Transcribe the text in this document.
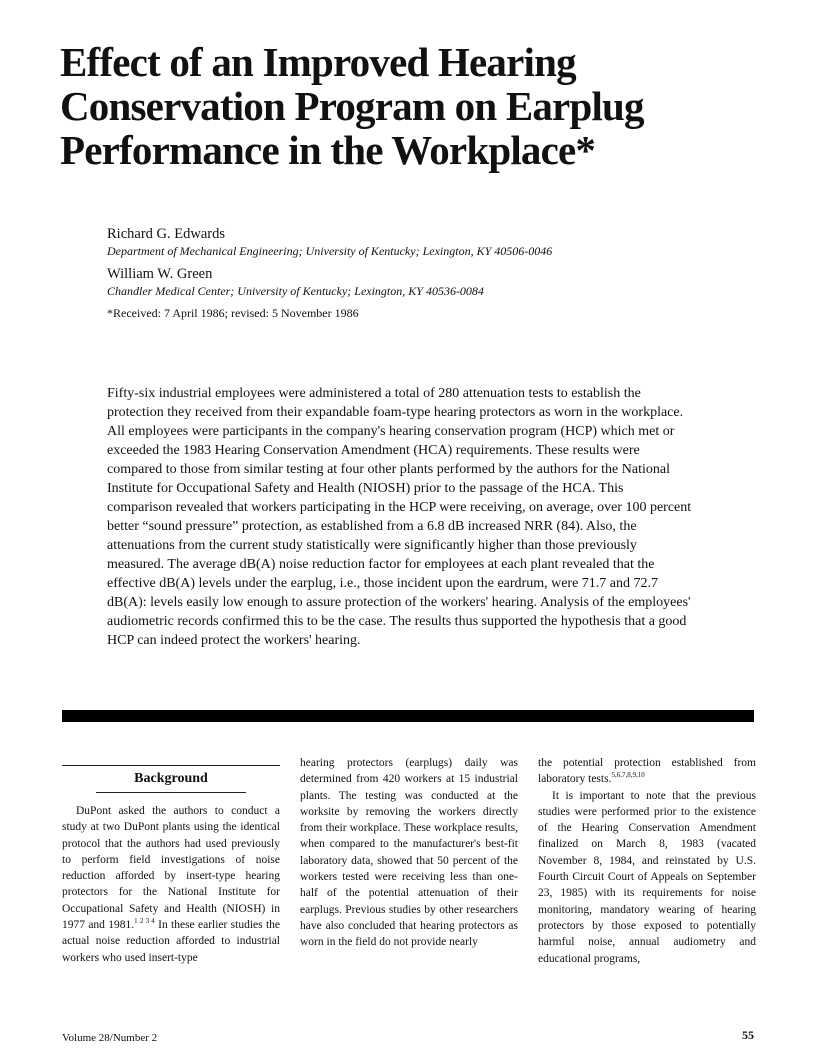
Effect of an Improved Hearing Conservation Program on Earplug Performance in the Workplace*
Richard G. Edwards
Department of Mechanical Engineering; University of Kentucky; Lexington, KY 40506-0046
William W. Green
Chandler Medical Center; University of Kentucky; Lexington, KY 40536-0084
*Received: 7 April 1986; revised: 5 November 1986

Fifty-six industrial employees were administered a total of 280 attenuation tests to establish the protection they received from their expandable foam-type hearing protectors as worn in the workplace. All employees were participants in the company's hearing conservation program (HCP) which met or exceeded the 1983 Hearing Conservation Amendment (HCA) requirements. These results were compared to those from similar testing at four other plants performed by the authors for the National Institute for Occupational Safety and Health (NIOSH) prior to the passage of the HCA. This comparison revealed that workers participating in the HCP were receiving, on average, over 100 percent better “sound pressure” protection, as established from a 6.8 dB increased NRR (84). Also, the attenuations from the current study statistically were significantly higher than those previously measured. The average dB(A) noise reduction factor for employees at each plant revealed that the effective dB(A) levels under the earplug, i.e., those incident upon the eardrum, were 71.7 and 72.7 dB(A): levels easily low enough to assure protection of the workers' hearing. Analysis of the employees' audiometric records confirmed this to be the case. The results thus supported the hypothesis that a good HCP can indeed protect the workers' hearing.

Background

DuPont asked the authors to conduct a study at two DuPont plants using the identical protocol that the authors had used previously to perform field investigations of noise reduction afforded by insert-type hearing protectors for the National Institute for Occupational Safety and Health (NIOSH) in 1977 and 1981.$^{1 2 3 4}$ In these earlier studies the actual noise reduction afforded to industrial workers who used insert-type

hearing protectors (earplugs) daily was determined from 420 workers at 15 industrial plants. The testing was conducted at the worksite by removing the workers directly from their workplace. These workplace results, when compared to the manufacturer's best-fit laboratory data, showed that 50 percent of the workers tested were receiving less than one-half of the potential attenuation of their earplugs. Previous studies by other researchers have also concluded that hearing protectors as worn in the field do not provide nearly

the potential protection established from laboratory tests.$^{5,6,7,8,9,10}$

It is important to note that the previous studies were performed prior to the existence of the Hearing Conservation Amendment finalized on March 8, 1983 (vacated November 8, 1984, and reinstated by U.S. Fourth Circuit Court of Appeals on September 23, 1985) with its requirements for noise monitoring, mandatory wearing of hearing protectors by those exposed to potentially harmful noise, annual audiometry and educational programs,

Volume 28/Number 2	55
